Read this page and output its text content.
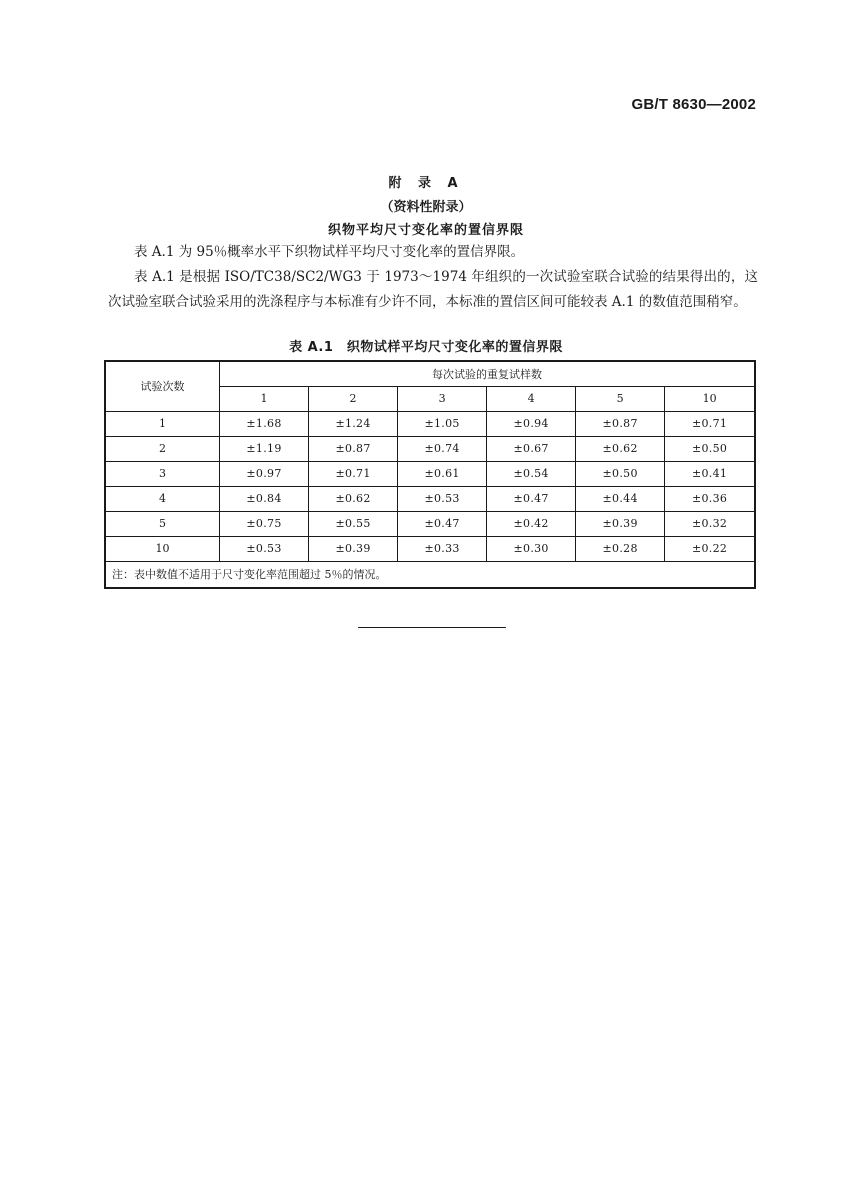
GB/T 8630—2002
附 录 A
（资料性附录）
织物平均尺寸变化率的置信界限
表 A.1 为 95％概率水平下织物试样平均尺寸变化率的置信界限。
表 A.1 是根据 ISO/TC38/SC2/WG3 于 1973～1974 年组织的一次试验室联合试验的结果得出的，这次试验室联合试验采用的洗涤程序与本标准有少许不同，本标准的置信区间可能较表 A.1 的数值范围稍窄。
表 A.1　织物试样平均尺寸变化率的置信界限
试验次数	每次试验的重复试样数					
	1	2	3	4	5	10
1	±1.68	±1.24	±1.05	±0.94	±0.87	±0.71
2	±1.19	±0.87	±0.74	±0.67	±0.62	±0.50
3	±0.97	±0.71	±0.61	±0.54	±0.50	±0.41
4	±0.84	±0.62	±0.53	±0.47	±0.44	±0.36
5	±0.75	±0.55	±0.47	±0.42	±0.39	±0.32
10	±0.53	±0.39	±0.33	±0.30	±0.28	±0.22
注：表中数值不适用于尺寸变化率范围超过 5％的情况。						
